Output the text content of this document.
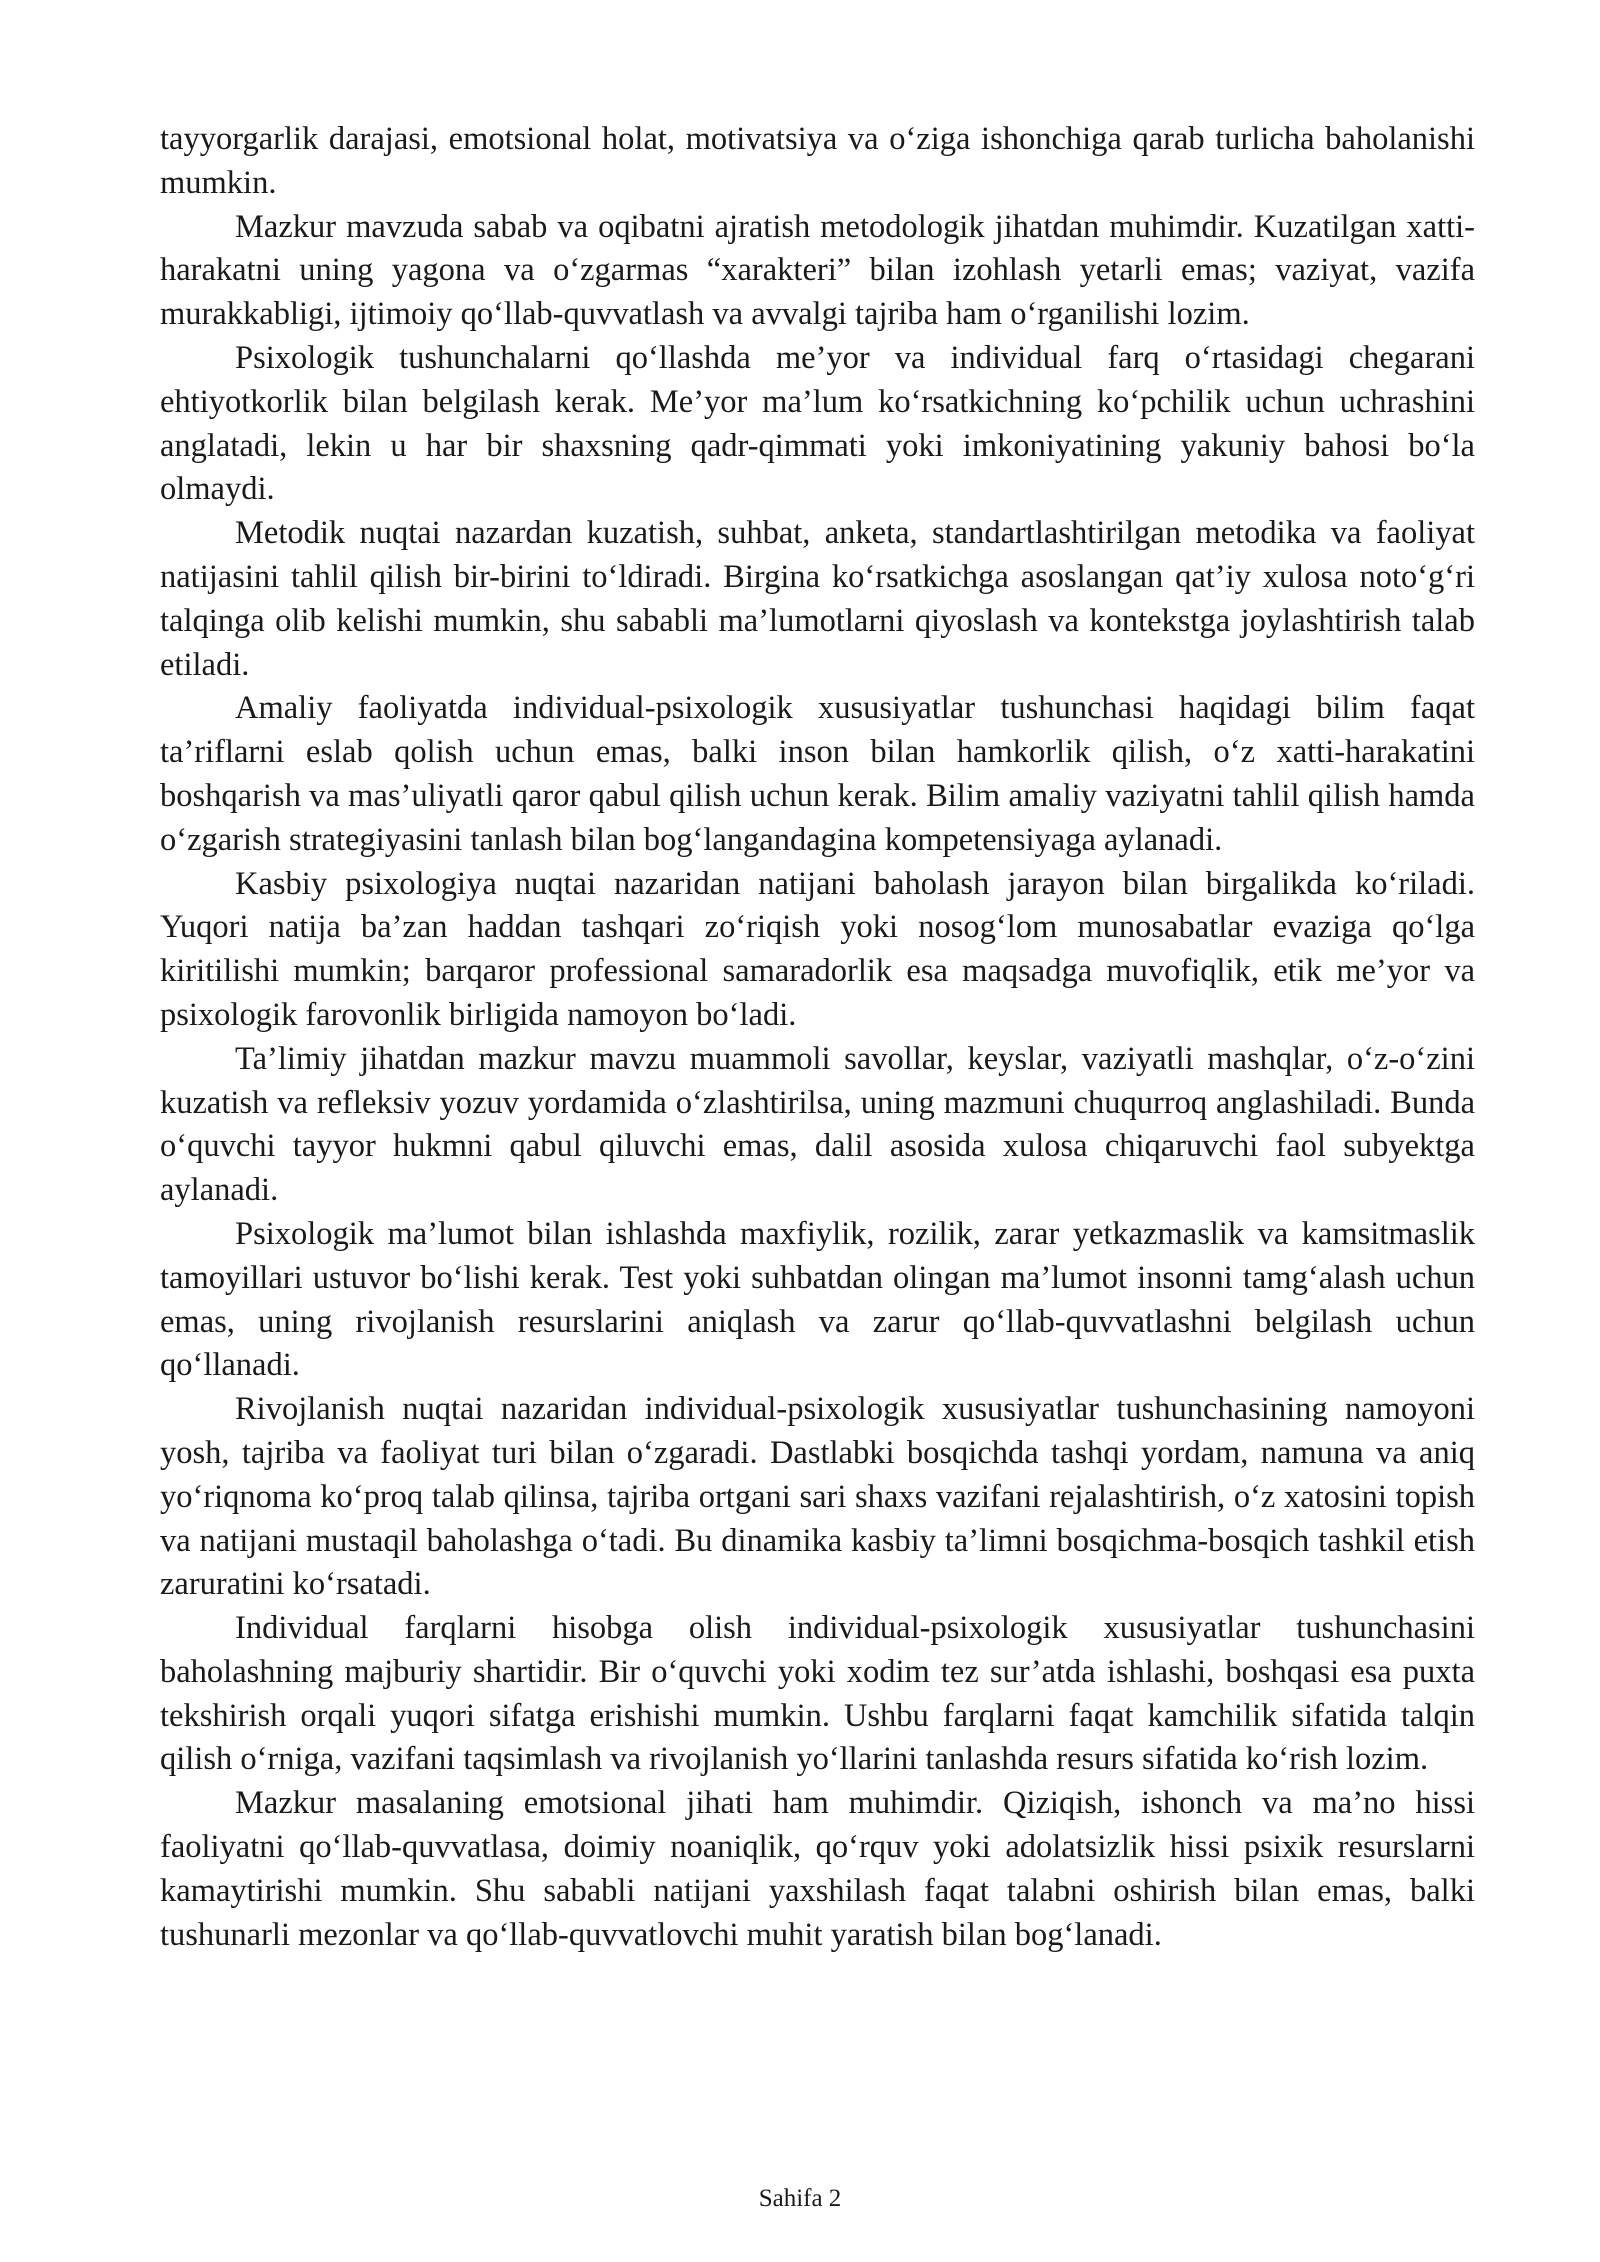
tayyorgarlik darajasi, emotsional holat, motivatsiya va o‘ziga ishonchiga qarab turlicha baholanishi mumkin.

Mazkur mavzuda sabab va oqibatni ajratish metodologik jihatdan muhimdir. Kuzatilgan xatti-harakatni uning yagona va o‘zgarmas “xarakteri” bilan izohlash yetarli emas; vaziyat, vazifa murakkabligi, ijtimoiy qo‘llab-quvvatlash va avvalgi tajriba ham o‘rganilishi lozim.

Psixologik tushunchalarni qo‘llashda me’yor va individual farq o‘rtasidagi chegarani ehtiyotkorlik bilan belgilash kerak. Me’yor ma’lum ko‘rsatkichning ko‘pchilik uchun uchrashini anglatadi, lekin u har bir shaxsning qadr-qimmati yoki imkoniyatining yakuniy bahosi bo‘la olmaydi.

Metodik nuqtai nazardan kuzatish, suhbat, anketa, standartlashtirilgan metodika va faoliyat natijasini tahlil qilish bir-birini to‘ldiradi. Birgina ko‘rsatkichga asoslangan qat’iy xulosa noto‘g‘ri talqinga olib kelishi mumkin, shu sababli ma’lumotlarni qiyoslash va kontekstga joylashtirish talab etiladi.

Amaliy faoliyatda individual-psixologik xususiyatlar tushunchasi haqidagi bilim faqat ta’riflarni eslab qolish uchun emas, balki inson bilan hamkorlik qilish, o‘z xatti-harakatini boshqarish va mas’uliyatli qaror qabul qilish uchun kerak. Bilim amaliy vaziyatni tahlil qilish hamda o‘zgarish strategiyasini tanlash bilan bog‘langandagina kompetensiyaga aylanadi.

Kasbiy psixologiya nuqtai nazaridan natijani baholash jarayon bilan birgalikda ko‘riladi. Yuqori natija ba’zan haddan tashqari zo‘riqish yoki nosog‘lom munosabatlar evaziga qo‘lga kiritilishi mumkin; barqaror professional samaradorlik esa maqsadga muvofiqlik, etik me’yor va psixologik farovonlik birligida namoyon bo‘ladi.

Ta’limiy jihatdan mazkur mavzu muammoli savollar, keyslar, vaziyatli mashqlar, o‘z-o‘zini kuzatish va refleksiv yozuv yordamida o‘zlashtirilsa, uning mazmuni chuqurroq anglashiladi. Bunda o‘quvchi tayyor hukmni qabul qiluvchi emas, dalil asosida xulosa chiqaruvchi faol subyektga aylanadi.

Psixologik ma’lumot bilan ishlashda maxfiylik, rozilik, zarar yetkazmaslik va kamsitmaslik tamoyillari ustuvor bo‘lishi kerak. Test yoki suhbatdan olingan ma’lumot insonni tamg‘alash uchun emas, uning rivojlanish resurslarini aniqlash va zarur qo‘llab-quvvatlashni belgilash uchun qo‘llanadi.

Rivojlanish nuqtai nazaridan individual-psixologik xususiyatlar tushunchasining namoyoni yosh, tajriba va faoliyat turi bilan o‘zgaradi. Dastlabki bosqichda tashqi yordam, namuna va aniq yo‘riqnoma ko‘proq talab qilinsa, tajriba ortgani sari shaxs vazifani rejalashtirish, o‘z xatosini topish va natijani mustaqil baholashga o‘tadi. Bu dinamika kasbiy ta’limni bosqichma-bosqich tashkil etish zaruratini ko‘rsatadi.

Individual farqlarni hisobga olish individual-psixologik xususiyatlar tushunchasini baholashning majburiy shartidir. Bir o‘quvchi yoki xodim tez sur’atda ishlashi, boshqasi esa puxta tekshirish orqali yuqori sifatga erishishi mumkin. Ushbu farqlarni faqat kamchilik sifatida talqin qilish o‘rniga, vazifani taqsimlash va rivojlanish yo‘llarini tanlashda resurs sifatida ko‘rish lozim.

Mazkur masalaning emotsional jihati ham muhimdir. Qiziqish, ishonch va ma’no hissi faoliyatni qo‘llab-quvvatlasa, doimiy noaniqlik, qo‘rquv yoki adolatsizlik hissi psixik resurslarni kamaytirishi mumkin. Shu sababli natijani yaxshilash faqat talabni oshirish bilan emas, balki tushunarli mezonlar va qo‘llab-quvvatlovchi muhit yaratish bilan bog‘lanadi.

Sahifa 2
